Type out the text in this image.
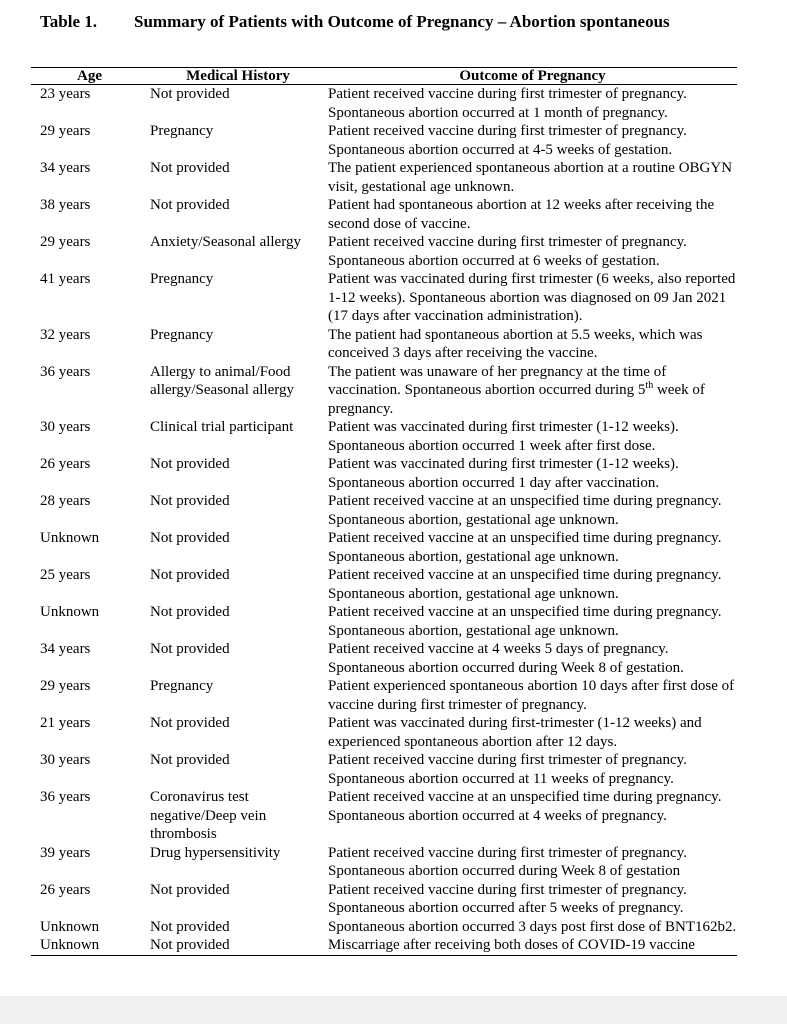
Table 1. Summary of Patients with Outcome of Pregnancy – Abortion spontaneous
Age	Medical History	Outcome of Pregnancy
23 years	Not provided	Patient received vaccine during first trimester of pregnancy. Spontaneous abortion occurred at 1 month of pregnancy.
29 years	Pregnancy	Patient received vaccine during first trimester of pregnancy. Spontaneous abortion occurred at 4-5 weeks of gestation.
34 years	Not provided	The patient experienced spontaneous abortion at a routine OBGYN visit, gestational age unknown.
38 years	Not provided	Patient had spontaneous abortion at 12 weeks after receiving the second dose of vaccine.
29 years	Anxiety/Seasonal allergy	Patient received vaccine during first trimester of pregnancy. Spontaneous abortion occurred at 6 weeks of gestation.
41 years	Pregnancy	Patient was vaccinated during first trimester (6 weeks, also reported 1-12 weeks). Spontaneous abortion was diagnosed on 09 Jan 2021 (17 days after vaccination administration).
32 years	Pregnancy	The patient had spontaneous abortion at 5.5 weeks, which was conceived 3 days after receiving the vaccine.
36 years	Allergy to animal/Food allergy/Seasonal allergy	The patient was unaware of her pregnancy at the time of vaccination. Spontaneous abortion occurred during 5th week of pregnancy.
30 years	Clinical trial participant	Patient was vaccinated during first trimester (1-12 weeks). Spontaneous abortion occurred 1 week after first dose.
26 years	Not provided	Patient was vaccinated during first trimester (1-12 weeks). Spontaneous abortion occurred 1 day after vaccination.
28 years	Not provided	Patient received vaccine at an unspecified time during pregnancy. Spontaneous abortion, gestational age unknown.
Unknown	Not provided	Patient received vaccine at an unspecified time during pregnancy. Spontaneous abortion, gestational age unknown.
25 years	Not provided	Patient received vaccine at an unspecified time during pregnancy. Spontaneous abortion, gestational age unknown.
Unknown	Not provided	Patient received vaccine at an unspecified time during pregnancy. Spontaneous abortion, gestational age unknown.
34 years	Not provided	Patient received vaccine at 4 weeks 5 days of pregnancy. Spontaneous abortion occurred during Week 8 of gestation.
29 years	Pregnancy	Patient experienced spontaneous abortion 10 days after first dose of vaccine during first trimester of pregnancy.
21 years	Not provided	Patient was vaccinated during first-trimester (1-12 weeks) and experienced spontaneous abortion after 12 days.
30 years	Not provided	Patient received vaccine during first trimester of pregnancy. Spontaneous abortion occurred at 11 weeks of pregnancy.
36 years	Coronavirus test negative/Deep vein thrombosis	Patient received vaccine at an unspecified time during pregnancy. Spontaneous abortion occurred at 4 weeks of pregnancy.
39 years	Drug hypersensitivity	Patient received vaccine during first trimester of pregnancy. Spontaneous abortion occurred during Week 8 of gestation
26 years	Not provided	Patient received vaccine during first trimester of pregnancy. Spontaneous abortion occurred after 5 weeks of pregnancy.
Unknown	Not provided	Spontaneous abortion occurred 3 days post first dose of BNT162b2.
Unknown	Not provided	Miscarriage after receiving both doses of COVID-19 vaccine
